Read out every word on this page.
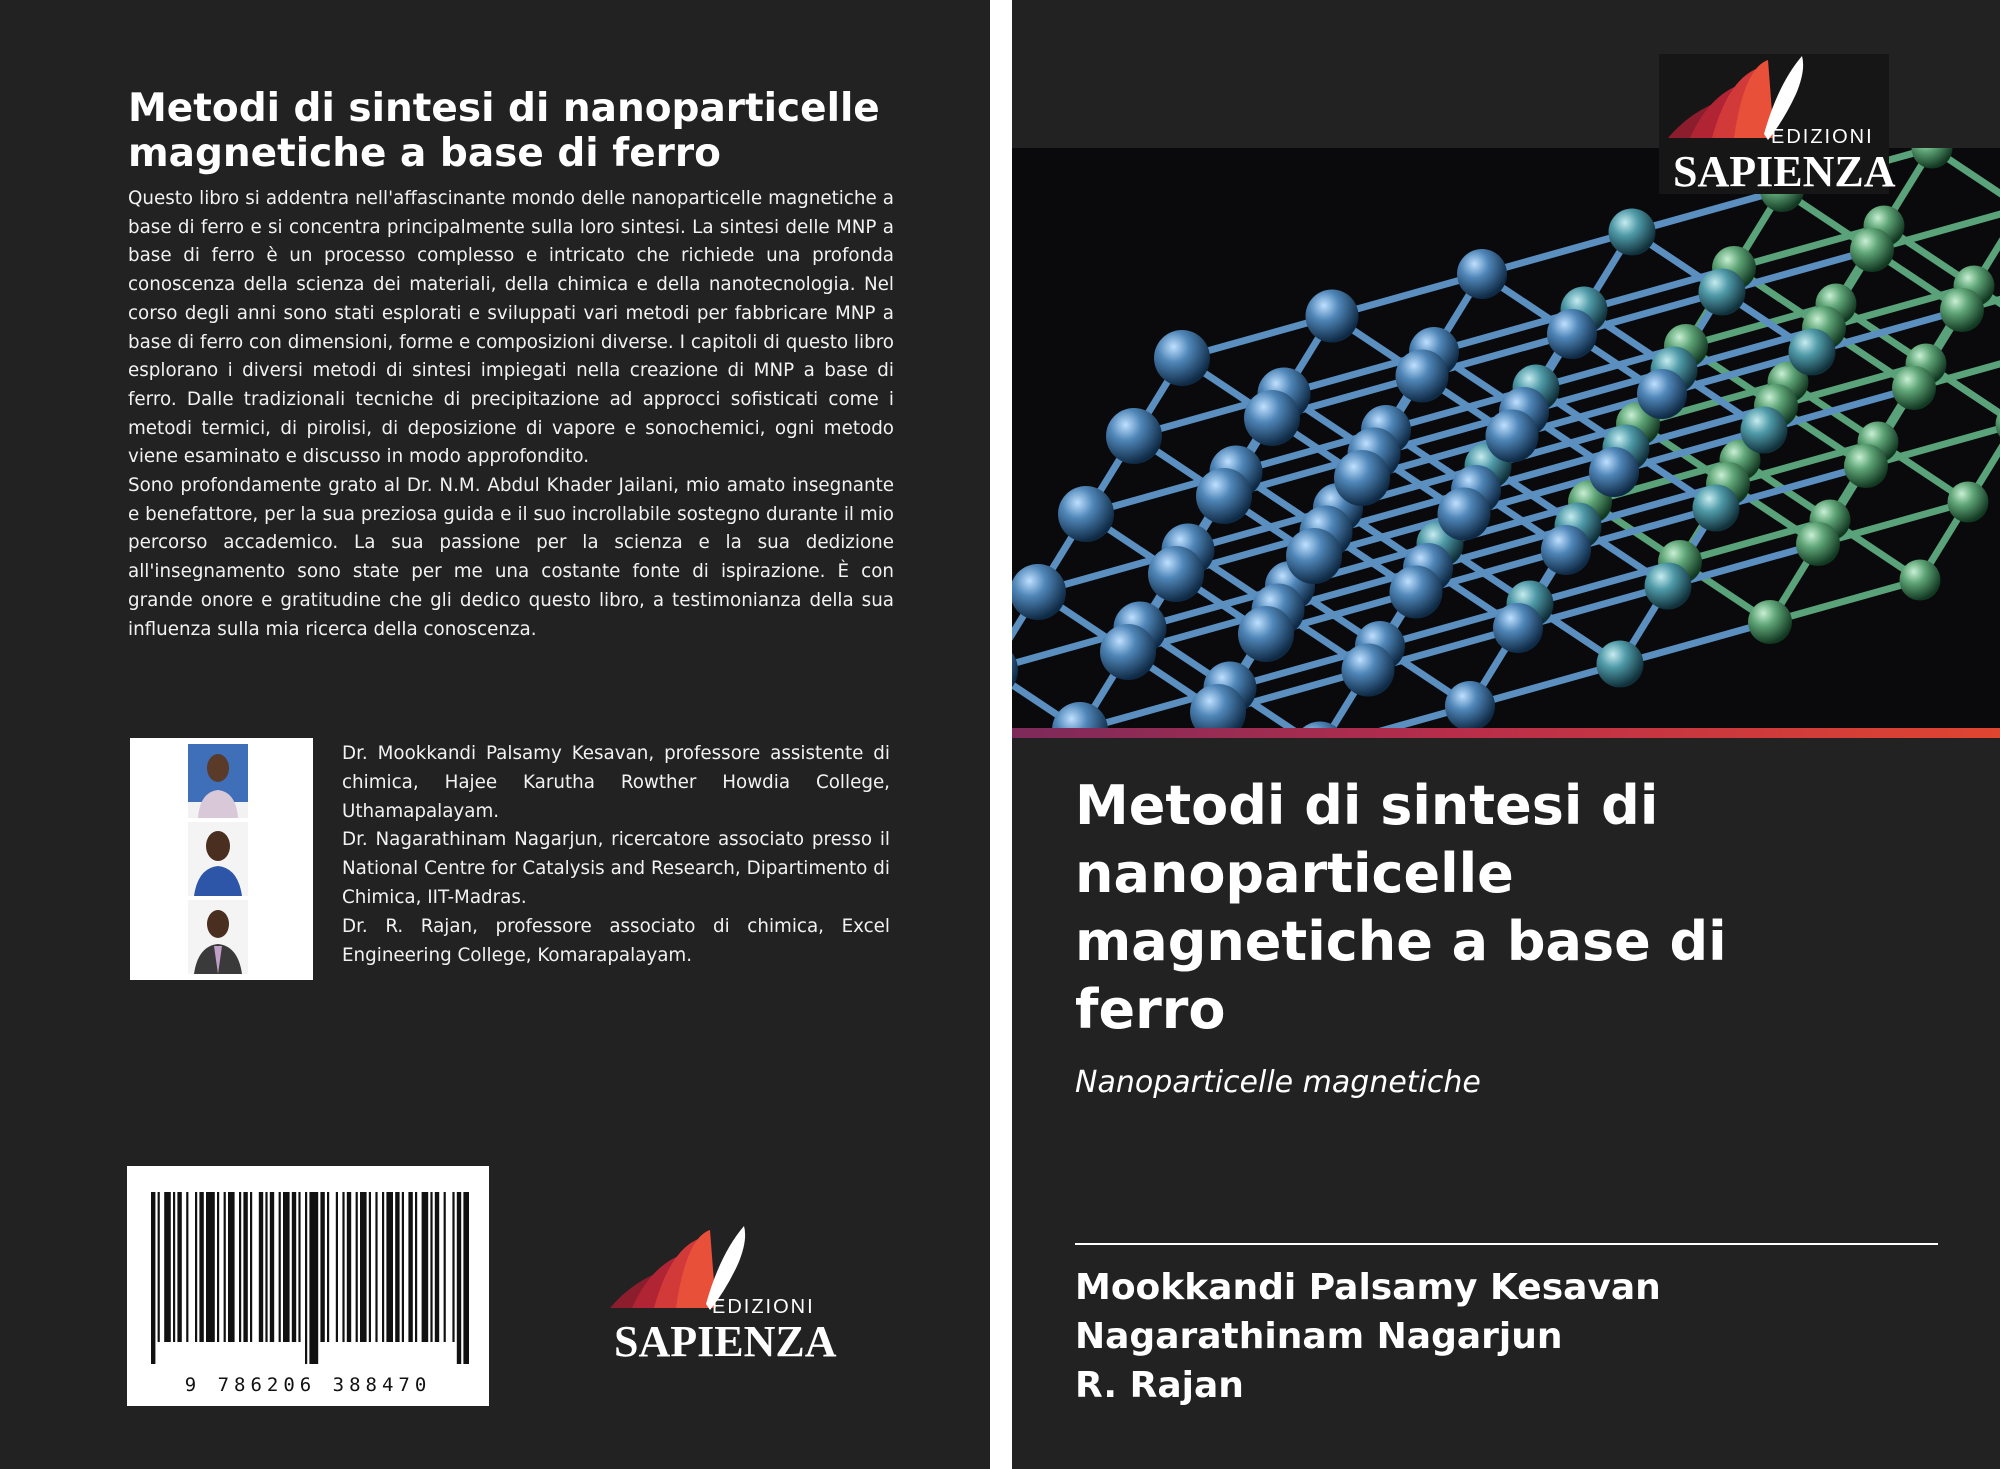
Metodi di sintesi di nanoparticelle
magnetiche a base di ferro

Questo libro si addentra nell'affascinante mondo delle nanoparticelle magnetiche a base di ferro e si concentra principalmente sulla loro sintesi. La sintesi delle MNP a base di ferro è un processo complesso e intricato che richiede una profonda conoscenza della scienza dei materiali, della chimica e della nanotecnologia. Nel corso degli anni sono stati esplorati e sviluppati vari metodi per fabbricare MNP a base di ferro con dimensioni, forme e composizioni diverse. I capitoli di questo libro esplorano i diversi metodi di sintesi impiegati nella creazione di MNP a base di ferro. Dalle tradizionali tecniche di precipitazione ad approcci sofisticati come i metodi termici, di pirolisi, di deposizione di vapore e sonochemici, ogni metodo viene esaminato e discusso in modo approfondito.

Sono profondamente grato al Dr. N.M. Abdul Khader Jailani, mio amato insegnante e benefattore, per la sua preziosa guida e il suo incrollabile sostegno durante il mio percorso accademico. La sua passione per la scienza e la sua dedizione all'insegnamento sono state per me una costante fonte di ispirazione. È con grande onore e gratitudine che gli dedico questo libro, a testimonianza della sua influenza sulla mia ricerca della conoscenza.

Dr. Mookkandi Palsamy Kesavan, professore assistente di chimica, Hajee Karutha Rowther Howdia College, Uthamapalayam.

Dr. Nagarathinam Nagarjun, ricercatore associato presso il National Centre for Catalysis and Research, Dipartimento di Chimica, IIT-Madras.

Dr. R. Rajan, professore associato di chimica, Excel Engineering College, Komarapalayam.

9 786206 388470
EDIZIONI
SAPIENZA
EDIZIONI
SAPIENZA
Metodi di sintesi di
nanoparticelle
magnetiche a base di
ferro
Nanoparticelle magnetiche
Mookkandi Palsamy Kesavan
Nagarathinam Nagarjun
R. Rajan
